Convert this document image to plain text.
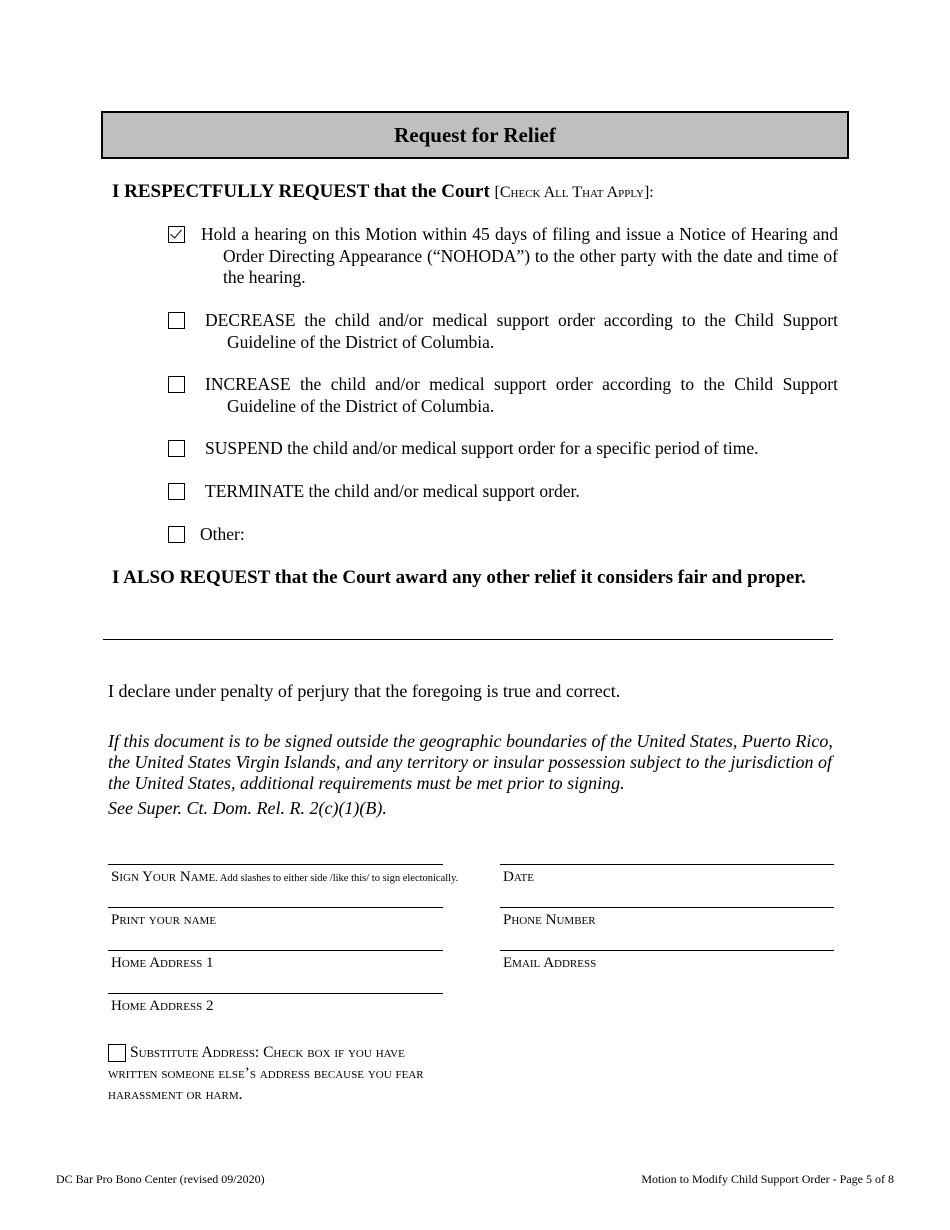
Request for Relief
I RESPECTFULLY REQUEST that the Court [Check All That Apply]:
Hold a hearing on this Motion within 45 days of filing and issue a Notice of Hearing and Order Directing Appearance (“NOHODA”) to the other party with the date and time of the hearing.
DECREASE the child and/or medical support order according to the Child Support Guideline of the District of Columbia.
INCREASE the child and/or medical support order according to the Child Support Guideline of the District of Columbia.
SUSPEND the child and/or medical support order for a specific period of time.
TERMINATE the child and/or medical support order.
Other:
I ALSO REQUEST that the Court award any other relief it considers fair and proper.
I declare under penalty of perjury that the foregoing is true and correct.
If this document is to be signed outside the geographic boundaries of the United States, Puerto Rico, the United States Virgin Islands, and any territory or insular possession subject to the jurisdiction of the United States, additional requirements must be met prior to signing.
See Super. Ct. Dom. Rel. R. 2(c)(1)(B).
Sign Your Name. Add slashes to either side /like this/ to sign electonically.	Date
Print your name	Phone Number
Home Address 1	Email Address
Home Address 2
Substitute Address: Check box if you have written someone else’s address because you fear harassment or harm.
DC Bar Pro Bono Center (revised 09/2020)	Motion to Modify Child Support Order - Page 5 of 8
